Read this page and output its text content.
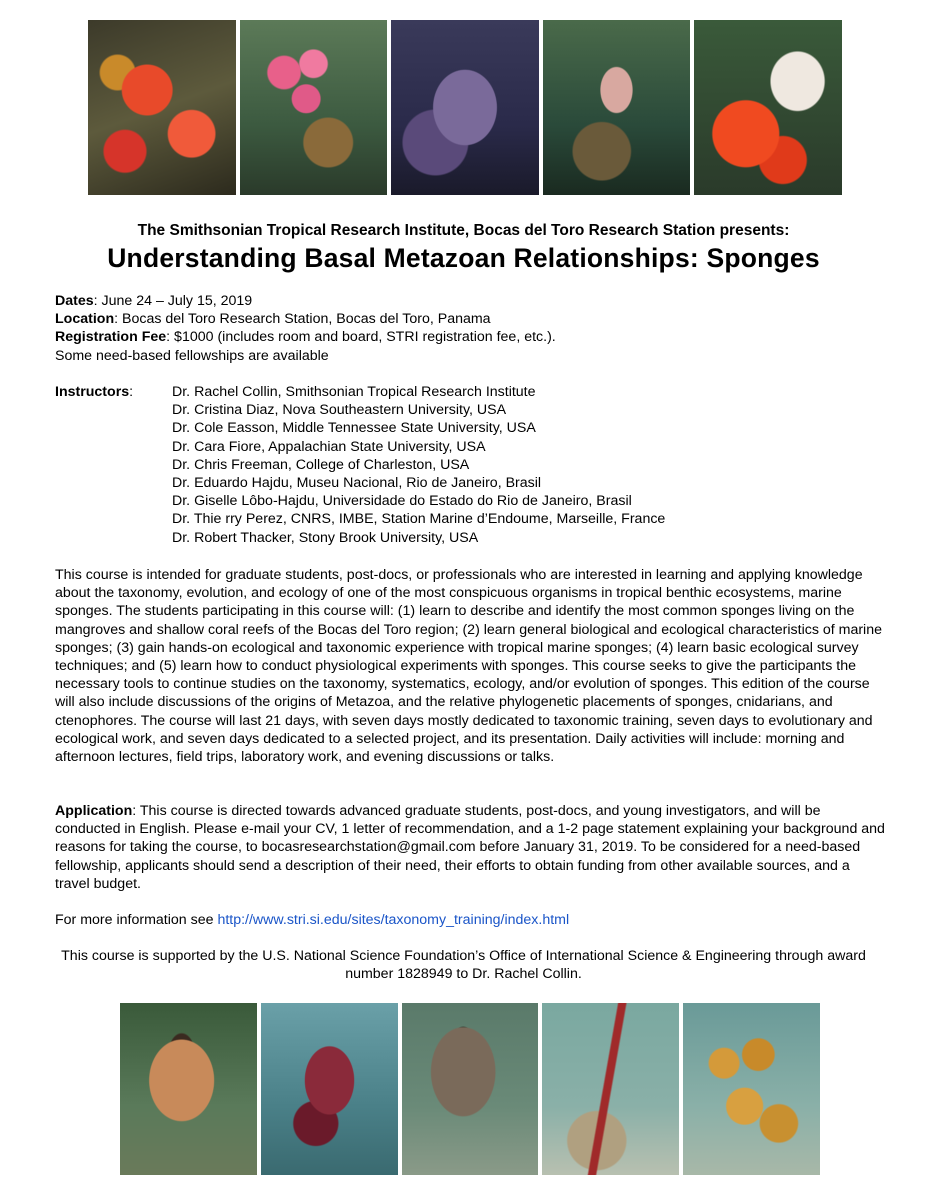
The Smithsonian Tropical Research Institute, Bocas del Toro Research Station presents:
Understanding Basal Metazoan Relationships: Sponges
Dates: June 24 – July 15, 2019
Location: Bocas del Toro Research Station, Bocas del Toro, Panama
Registration Fee: $1000 (includes room and board, STRI registration fee, etc.).
Some need-based fellowships are available
Instructors:	Dr. Rachel Collin, Smithsonian Tropical Research Institute
Dr. Cristina Diaz, Nova Southeastern University, USA
Dr. Cole Easson, Middle Tennessee State University, USA
Dr. Cara Fiore, Appalachian State University, USA
Dr. Chris Freeman, College of Charleston, USA
Dr. Eduardo Hajdu, Museu Nacional, Rio de Janeiro, Brasil
Dr. Giselle Lôbo-Hajdu, Universidade do Estado do Rio de Janeiro, Brasil
Dr. Thie rry Perez, CNRS, IMBE, Station Marine d’Endoume, Marseille, France
Dr. Robert Thacker, Stony Brook University, USA
This course is intended for graduate students, post-docs, or professionals who are interested in learning and applying knowledge about the taxonomy, evolution, and ecology of one of the most conspicuous organisms in tropical benthic ecosystems, marine sponges. The students participating in this course will: (1) learn to describe and identify the most common sponges living on the mangroves and shallow coral reefs of the Bocas del Toro region; (2) learn general biological and ecological characteristics of marine sponges; (3) gain hands-on ecological and taxonomic experience with tropical marine sponges; (4) learn basic ecological survey techniques; and (5) learn how to conduct physiological experiments with sponges. This course seeks to give the participants the necessary tools to continue studies on the taxonomy, systematics, ecology, and/or evolution of sponges. This edition of the course will also include discussions of the origins of Metazoa, and the relative phylogenetic placements of sponges, cnidarians, and ctenophores. The course will last 21 days, with seven days mostly dedicated to taxonomic training, seven days to evolutionary and ecological work, and seven days dedicated to a selected project, and its presentation. Daily activities will include: morning and afternoon lectures, field trips, laboratory work, and evening discussions or talks.
Application: This course is directed towards advanced graduate students, post-docs, and young investigators, and will be conducted in English. Please e-mail your CV, 1 letter of recommendation, and a 1-2 page statement explaining your background and reasons for taking the course, to bocasresearchstation@gmail.com before January 31, 2019. To be considered for a need-based fellowship, applicants should send a description of their need, their efforts to obtain funding from other available sources, and a travel budget.
For more information see http://www.stri.si.edu/sites/taxonomy_training/index.html
This course is supported by the U.S. National Science Foundation’s Office of International Science & Engineering through award number 1828949 to Dr. Rachel Collin.
